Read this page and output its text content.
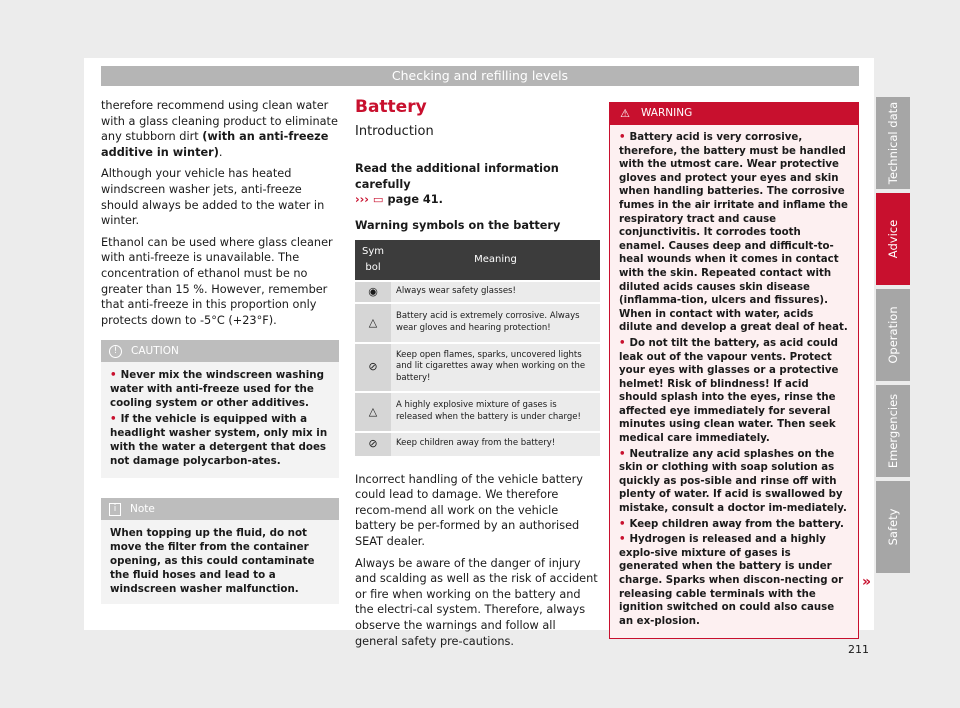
Checking and refilling levels

therefore recommend using clean water with a glass cleaning product to eliminate any stubborn dirt (with an anti-freeze additive in winter).

Although your vehicle has heated windscreen washer jets, anti-freeze should always be added to the water in winter.

Ethanol can be used where glass cleaner with anti-freeze is unavailable. The concentration of ethanol must be no greater than 15 %. However, remember that anti-freeze in this proportion only protects down to -5°C (+23°F).

!	CAUTION
• Never mix the windscreen washing water with anti-freeze used for the cooling system or other additives.
• If the vehicle is equipped with a headlight washer system, only mix in with the water a detergent that does not damage polycarbon-ates.
i	Note
When topping up the fluid, do not move the filter from the container opening, as this could contaminate the fluid hoses and lead to a windscreen washer malfunction.
Battery
Introduction

Read the additional information carefully
››› ▭ page 41.

Warning symbols on the battery

Sym
bol	Meaning
◉	Always wear safety glasses!
△	Battery acid is extremely corrosive. Always wear gloves and hearing protection!
⊘	Keep open flames, sparks, uncovered lights and lit cigarettes away when working on the battery!
△	A highly explosive mixture of gases is released when the battery is under charge!
⊘	Keep children away from the battery!

Incorrect handling of the vehicle battery could lead to damage. We therefore recom-mend all work on the vehicle battery be per-formed by an authorised SEAT dealer.

Always be aware of the danger of injury and scalding as well as the risk of accident or fire when working on the battery and the electri-cal system. Therefore, always observe the warnings and follow all general safety pre-cautions.

⚠ WARNING
• Battery acid is very corrosive, therefore, the battery must be handled with the utmost care. Wear protective gloves and protect your eyes and skin when handling batteries. The corrosive fumes in the air irritate and inflame the respiratory tract and cause conjunctivitis. It corrodes tooth enamel. Causes deep and difficult-to-heal wounds when it comes in contact with the skin. Repeated contact with diluted acids causes skin disease (inflamma-tion, ulcers and fissures). When in contact with water, acids dilute and develop a great deal of heat.
• Do not tilt the battery, as acid could leak out of the vapour vents. Protect your eyes with glasses or a protective helmet! Risk of blindness! If acid should splash into the eyes, rinse the affected eye immediately for several minutes using clean water. Then seek medical care immediately.
• Neutralize any acid splashes on the skin or clothing with soap solution as quickly as pos-sible and rinse off with plenty of water. If acid is swallowed by mistake, consult a doctor im-mediately.
• Keep children away from the battery.
• Hydrogen is released and a highly explo-sive mixture of gases is generated when the battery is under charge. Sparks when discon-necting or releasing cable terminals with the ignition switched on could also cause an ex-plosion.
»
Technical data
Advice
Operation
Emergencies
Safety
211
